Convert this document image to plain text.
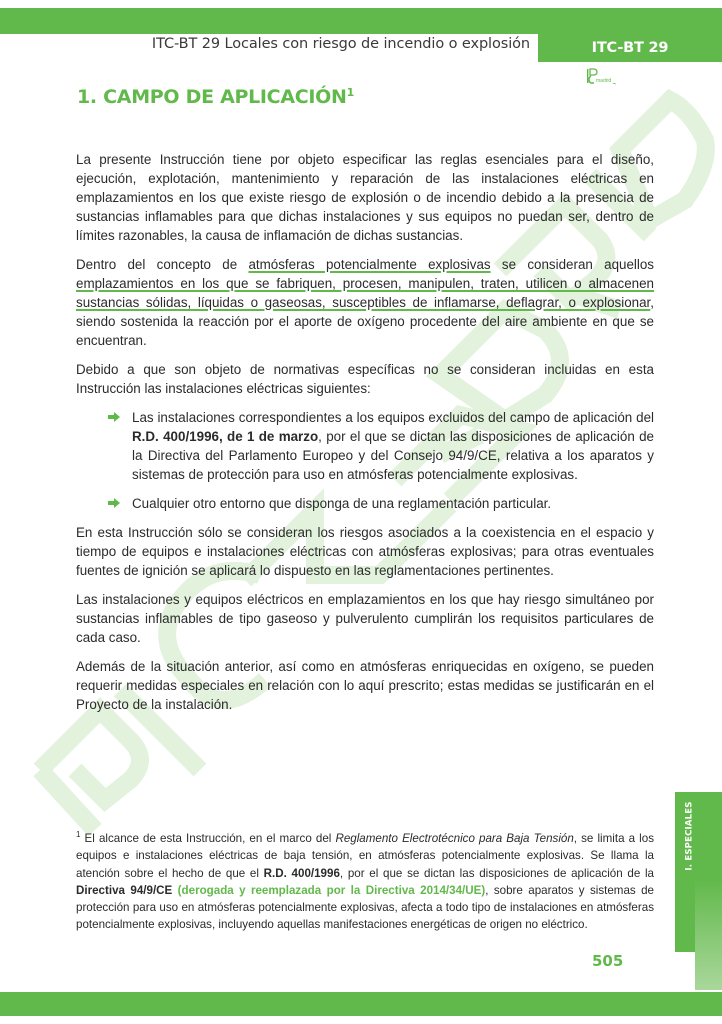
ITC-BT 29 Locales con riesgo de incendio o explosión	ITC-BT 29
madrid
1. CAMPO DE APLICACIÓN$^1$

La presente Instrucción tiene por objeto especificar las reglas esenciales para el diseño, ejecución, explotación, mantenimiento y reparación de las instalaciones eléctricas en emplazamientos en los que existe riesgo de explosión o de incendio debido a la presencia de sustancias inflamables para que dichas instalaciones y sus equipos no puedan ser, dentro de límites razonables, la causa de inflamación de dichas sustancias.

Dentro del concepto de atmósferas potencialmente explosivas se consideran aquellos emplazamientos en los que se fabriquen, procesen, manipulen, traten, utilicen o almacenen sustancias sólidas, líquidas o gaseosas, susceptibles de inflamarse, deflagrar, o explosionar, siendo sostenida la reacción por el aporte de oxígeno procedente del aire ambiente en que se encuentran.

Debido a que son objeto de normativas específicas no se consideran incluidas en esta Instrucción las instalaciones eléctricas siguientes:

Las instalaciones correspondientes a los equipos excluidos del campo de aplicación del R.D. 400/1996, de 1 de marzo, por el que se dictan las disposiciones de aplicación de la Directiva del Parlamento Europeo y del Consejo 94/9/CE, relativa a los aparatos y sistemas de protección para uso en atmósferas potencialmente explosivas.
Cualquier otro entorno que disponga de una reglamentación particular.

En esta Instrucción sólo se consideran los riesgos asociados a la coexistencia en el espacio y tiempo de equipos e instalaciones eléctricas con atmósferas explosivas; para otras eventuales fuentes de ignición se aplicará lo dispuesto en las reglamentaciones pertinentes.

Las instalaciones y equipos eléctricos en emplazamientos en los que hay riesgo simultáneo por sustancias inflamables de tipo gaseoso y pulverulento cumplirán los requisitos particulares de cada caso.

Además de la situación anterior, así como en atmósferas enriquecidas en oxígeno, se pueden requerir medidas especiales en relación con lo aquí prescrito; estas medidas se justificarán en el Proyecto de la instalación.

$^1$ El alcance de esta Instrucción, en el marco del Reglamento Electrotécnico para Baja Tensión, se limita a los equipos e instalaciones eléctricas de baja tensión, en atmósferas potencialmente explosivas. Se llama la atención sobre el hecho de que el R.D. 400/1996, por el que se dictan las disposiciones de aplicación de la Directiva 94/9/CE (derogada y reemplazada por la Directiva 2014/34/UE), sobre aparatos y sistemas de protección para uso en atmósferas potencialmente explosivas, afecta a todo tipo de instalaciones en atmósferas potencialmente explosivas, incluyendo aquellas manifestaciones energéticas de origen no eléctrico.
I. ESPECIALES
505
